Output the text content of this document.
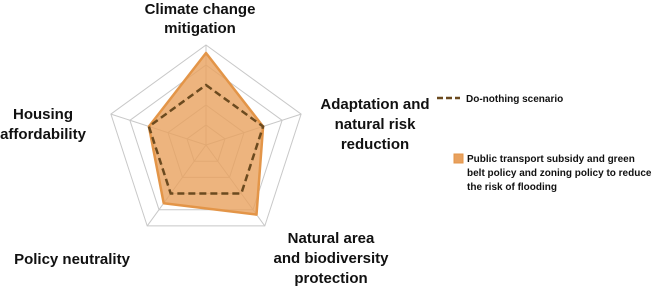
Climate change mitigation
Adaptation and natural risk reduction
Natural area and biodiversity protection
Policy neutrality
Housing affordability
Do-nothing scenario
Public transport subsidy and green belt policy and zoning policy to reduce the risk of flooding
